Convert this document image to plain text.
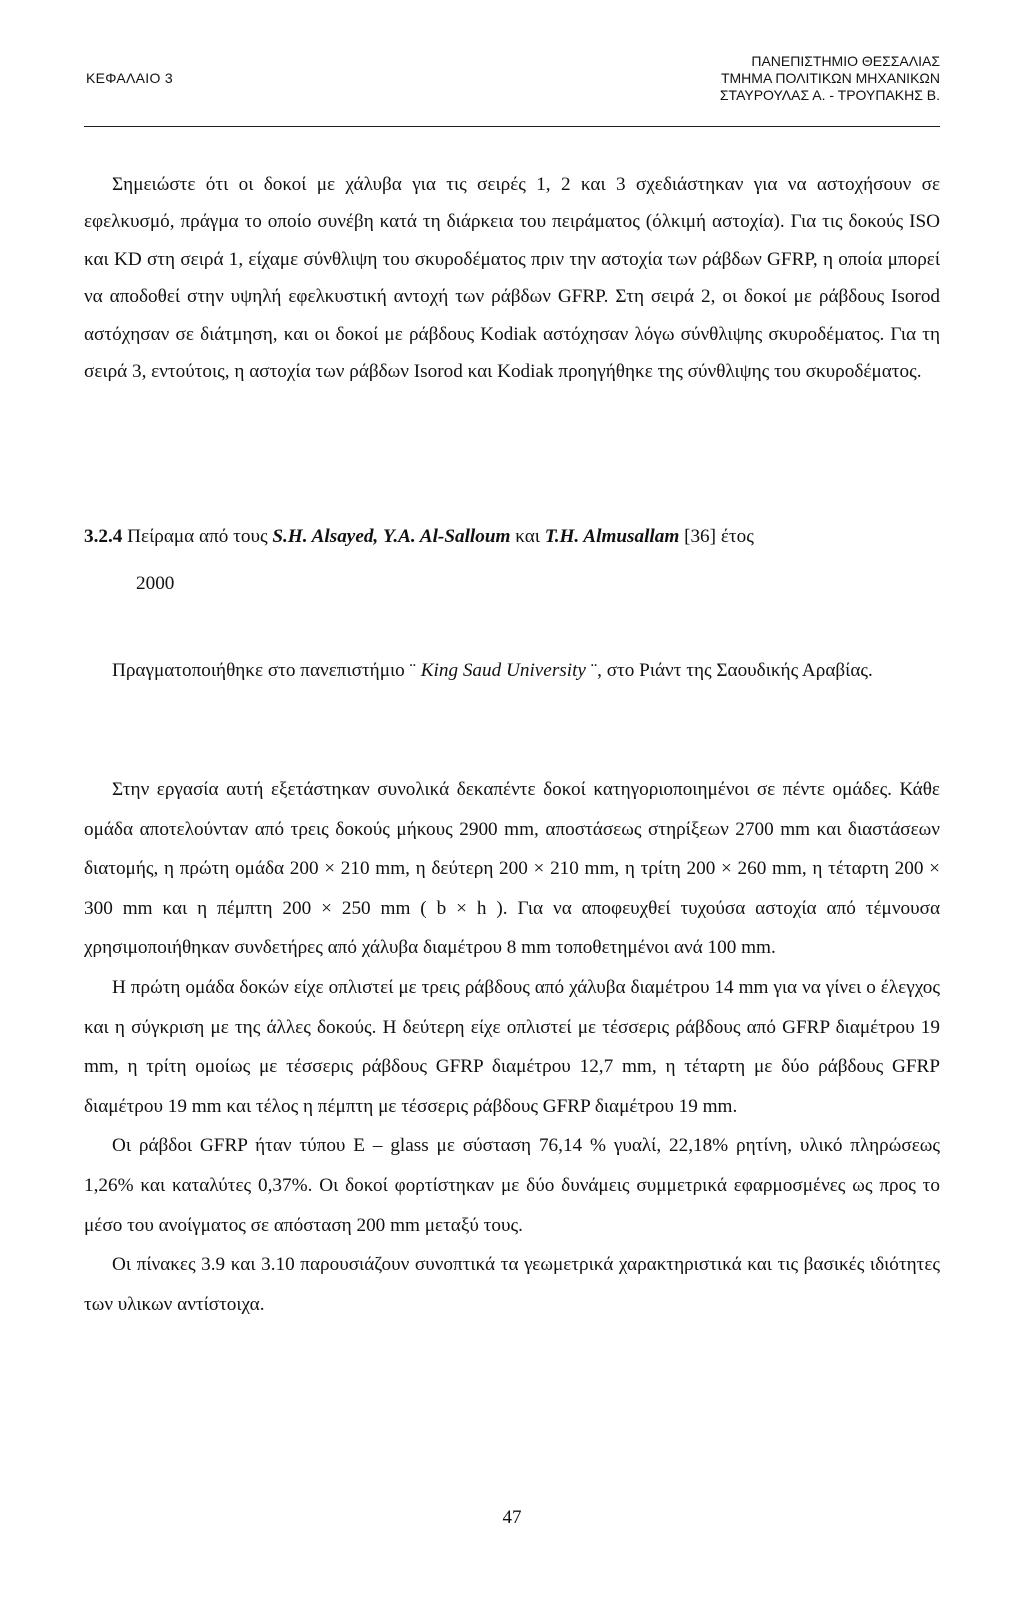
ΚΕΦΑΛΑΙΟ 3
ΠΑΝΕΠΙΣΤΗΜΙΟ ΘΕΣΣΑΛΙΑΣ
ΤΜΗΜΑ ΠΟΛΙΤΙΚΩΝ ΜΗΧΑΝΙΚΩΝ
ΣΤΑΥΡΟΥΛΑΣ Α. - ΤΡΟΥΠΑΚΗΣ Β.

Σημειώστε ότι οι δοκοί με χάλυβα για τις σειρές 1, 2 και 3 σχεδιάστηκαν για να αστοχήσουν σε εφελκυσμό, πράγμα το οποίο συνέβη κατά τη διάρκεια του πειράματος (όλκιμή αστοχία). Για τις δοκούς ISO και KD στη σειρά 1, είχαμε σύνθλιψη του σκυροδέματος πριν την αστοχία των ράβδων GFRP, η οποία μπορεί να αποδοθεί στην υψηλή εφελκυστική αντοχή των ράβδων GFRP. Στη σειρά 2, οι δοκοί με ράβδους Isorod αστόχησαν σε διάτμηση, και οι δοκοί με ράβδους Kodiak αστόχησαν λόγω σύνθλιψης σκυροδέματος. Για τη σειρά 3, εντούτοις, η αστοχία των ράβδων Isorod και Kodiak προηγήθηκε της σύνθλιψης του σκυροδέματος.

3.2.4 Πείραμα από τους S.H. Alsayed, Y.A. Al-Salloum και T.H. Almusallam [36] έτος
2000

Πραγματοποιήθηκε στο πανεπιστήμιο ¨ King Saud University ¨, στο Ριάντ της Σαουδικής Αραβίας.

Στην εργασία αυτή εξετάστηκαν συνολικά δεκαπέντε δοκοί κατηγοριοποιημένοι σε πέντε ομάδες. Κάθε ομάδα αποτελούνταν από τρεις δοκούς μήκους 2900 mm, αποστάσεως στηρίξεων 2700 mm και διαστάσεων διατομής, η πρώτη ομάδα 200 × 210 mm, η δεύτερη 200 × 210 mm, η τρίτη 200 × 260 mm, η τέταρτη 200 × 300 mm και η πέμπτη 200 × 250 mm ( b × h ). Για να αποφευχθεί τυχούσα αστοχία από τέμνουσα χρησιμοποιήθηκαν συνδετήρες από χάλυβα διαμέτρου 8 mm τοποθετημένοι ανά 100 mm.

Η πρώτη ομάδα δοκών είχε οπλιστεί με τρεις ράβδους από χάλυβα διαμέτρου 14 mm για να γίνει ο έλεγχος και η σύγκριση με της άλλες δοκούς. Η δεύτερη είχε οπλιστεί με τέσσερις ράβδους από GFRP διαμέτρου 19 mm, η τρίτη ομοίως με τέσσερις ράβδους GFRP διαμέτρου 12,7 mm, η τέταρτη με δύο ράβδους GFRP διαμέτρου 19 mm και τέλος η πέμπτη με τέσσερις ράβδους GFRP διαμέτρου 19 mm.

Οι ράβδοι GFRP ήταν τύπου Ε – glass με σύσταση 76,14 % γυαλί, 22,18% ρητίνη, υλικό πληρώσεως 1,26% και καταλύτες 0,37%. Οι δοκοί φορτίστηκαν με δύο δυνάμεις συμμετρικά εφαρμοσμένες ως προς το μέσο του ανοίγματος σε απόσταση 200 mm μεταξύ τους.

Οι πίνακες 3.9 και 3.10 παρουσιάζουν συνοπτικά τα γεωμετρικά χαρακτηριστικά και τις βασικές ιδιότητες των υλικων αντίστοιχα.

47
